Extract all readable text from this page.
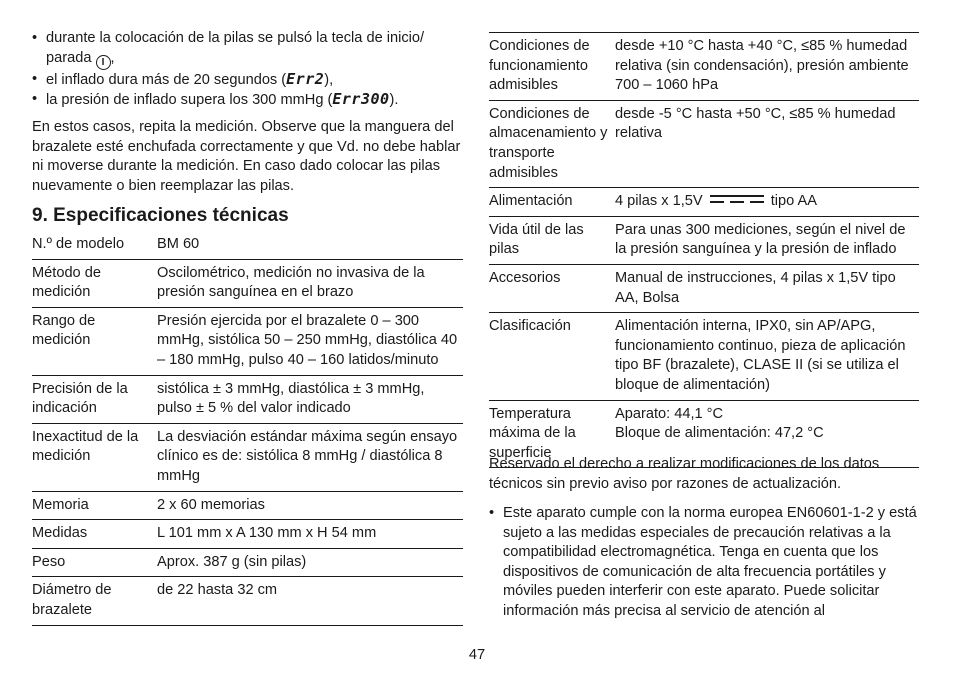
• durante la colocación de la pilas se pulsó la tecla de inicio/ parada I ,
• el inflado dura más de 20 segundos (Err2),
• la presión de inflado supera los 300 mmHg (Err300).

En estos casos, repita la medición. Observe que la manguera del brazalete esté enchufada correctamente y que Vd. no debe hablar ni moverse durante la medición. En caso dado colocar las pilas nuevamente o bien reemplazar las pilas.

9. Especificaciones técnicas
N.º de modelo	BM 60
Método de medición	Oscilométrico, medición no invasiva de la presión sanguínea en el brazo
Rango de medición	Presión ejercida por el brazalete 0 – 300 mmHg, sistólica 50 – 250 mmHg, diastólica 40 – 180 mmHg, pulso 40 – 160 latidos/minuto
Precisión de la indicación	sistólica ± 3 mmHg, diastólica ± 3 mmHg, pulso ± 5 % del valor indicado
Inexactitud de la medición	La desviación estándar máxima según ensayo clínico es de: sistólica 8 mmHg / diastólica 8 mmHg
Memoria	2 x 60 memorias
Medidas	L 101 mm x A 130 mm x H 54 mm
Peso	Aprox. 387 g (sin pilas)
Diámetro de brazalete	de 22 hasta 32 cm
Condiciones de funcionamiento admisibles	desde +10 °C hasta +40 °C, ≤85 % humedad relativa (sin condensación), presión ambiente 700 – 1060 hPa
Condiciones de almacenamiento y transporte admisibles	desde -5 °C hasta +50 °C, ≤85 % humedad relativa
Alimentación	4 pilas x 1,5V tipo AA
Vida útil de las pilas	Para unas 300 mediciones, según el nivel de la presión sanguínea y la presión de inflado
Accesorios	Manual de instrucciones, 4 pilas x 1,5V tipo AA, Bolsa
Clasificación	Alimentación interna, IPX0, sin AP/APG, funcionamiento continuo, pieza de aplicación tipo BF (brazalete), CLASE II (si se utiliza el bloque de alimentación)
Temperatura máxima de la superficie	Aparato: 44,1 °C
Bloque de alimentación: 47,2 °C

Reservado el derecho a realizar modificaciones de los datos técnicos sin previo aviso por razones de actualización.

• Este aparato cumple con la norma europea EN60601-1-2 y está sujeto a las medidas especiales de precaución relativas a la compatibilidad electromagnética. Tenga en cuenta que los dispositivos de comunicación de alta frecuencia portátiles y móviles pueden interferir con este aparato. Puede solicitar información más precisa al servicio de atención al
47
